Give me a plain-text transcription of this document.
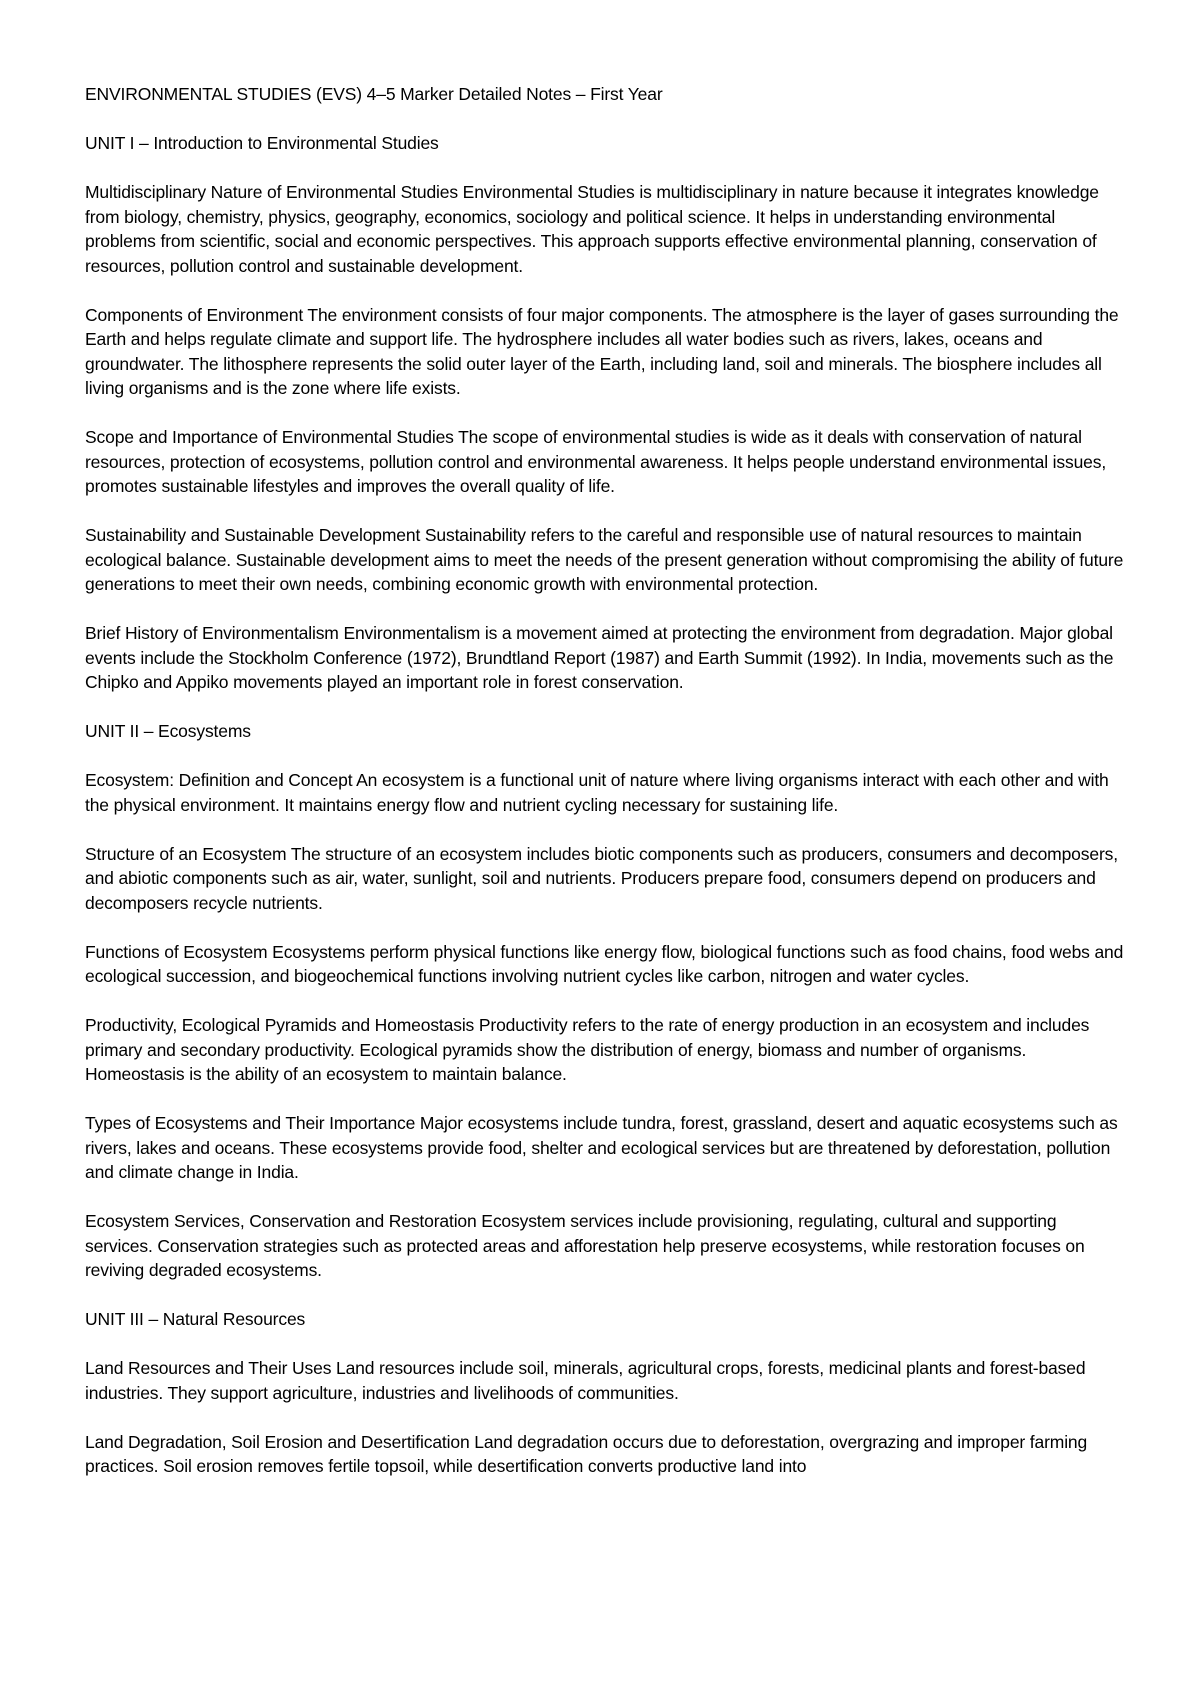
ENVIRONMENTAL STUDIES (EVS) 4–5 Marker Detailed Notes – First Year

UNIT I – Introduction to Environmental Studies

Multidisciplinary Nature of Environmental Studies Environmental Studies is multidisciplinary in nature because it integrates knowledge from biology, chemistry, physics, geography, economics, sociology and political science. It helps in understanding environmental problems from scientific, social and economic perspectives. This approach supports effective environmental planning, conservation of resources, pollution control and sustainable development.

Components of Environment The environment consists of four major components. The atmosphere is the layer of gases surrounding the Earth and helps regulate climate and support life. The hydrosphere includes all water bodies such as rivers, lakes, oceans and groundwater. The lithosphere represents the solid outer layer of the Earth, including land, soil and minerals. The biosphere includes all living organisms and is the zone where life exists.

Scope and Importance of Environmental Studies The scope of environmental studies is wide as it deals with conservation of natural resources, protection of ecosystems, pollution control and environmental awareness. It helps people understand environmental issues, promotes sustainable lifestyles and improves the overall quality of life.

Sustainability and Sustainable Development Sustainability refers to the careful and responsible use of natural resources to maintain ecological balance. Sustainable development aims to meet the needs of the present generation without compromising the ability of future generations to meet their own needs, combining economic growth with environmental protection.

Brief History of Environmentalism Environmentalism is a movement aimed at protecting the environment from degradation. Major global events include the Stockholm Conference (1972), Brundtland Report (1987) and Earth Summit (1992). In India, movements such as the Chipko and Appiko movements played an important role in forest conservation.

UNIT II – Ecosystems

Ecosystem: Definition and Concept An ecosystem is a functional unit of nature where living organisms interact with each other and with the physical environment. It maintains energy flow and nutrient cycling necessary for sustaining life.

Structure of an Ecosystem The structure of an ecosystem includes biotic components such as producers, consumers and decomposers, and abiotic components such as air, water, sunlight, soil and nutrients. Producers prepare food, consumers depend on producers and decomposers recycle nutrients.

Functions of Ecosystem Ecosystems perform physical functions like energy flow, biological functions such as food chains, food webs and ecological succession, and biogeochemical functions involving nutrient cycles like carbon, nitrogen and water cycles.

Productivity, Ecological Pyramids and Homeostasis Productivity refers to the rate of energy production in an ecosystem and includes primary and secondary productivity. Ecological pyramids show the distribution of energy, biomass and number of organisms. Homeostasis is the ability of an ecosystem to maintain balance.

Types of Ecosystems and Their Importance Major ecosystems include tundra, forest, grassland, desert and aquatic ecosystems such as rivers, lakes and oceans. These ecosystems provide food, shelter and ecological services but are threatened by deforestation, pollution and climate change in India.

Ecosystem Services, Conservation and Restoration Ecosystem services include provisioning, regulating, cultural and supporting services. Conservation strategies such as protected areas and afforestation help preserve ecosystems, while restoration focuses on reviving degraded ecosystems.

UNIT III – Natural Resources

Land Resources and Their Uses Land resources include soil, minerals, agricultural crops, forests, medicinal plants and forest-based industries. They support agriculture, industries and livelihoods of communities.

Land Degradation, Soil Erosion and Desertification Land degradation occurs due to deforestation, overgrazing and improper farming practices. Soil erosion removes fertile topsoil, while desertification converts productive land into
